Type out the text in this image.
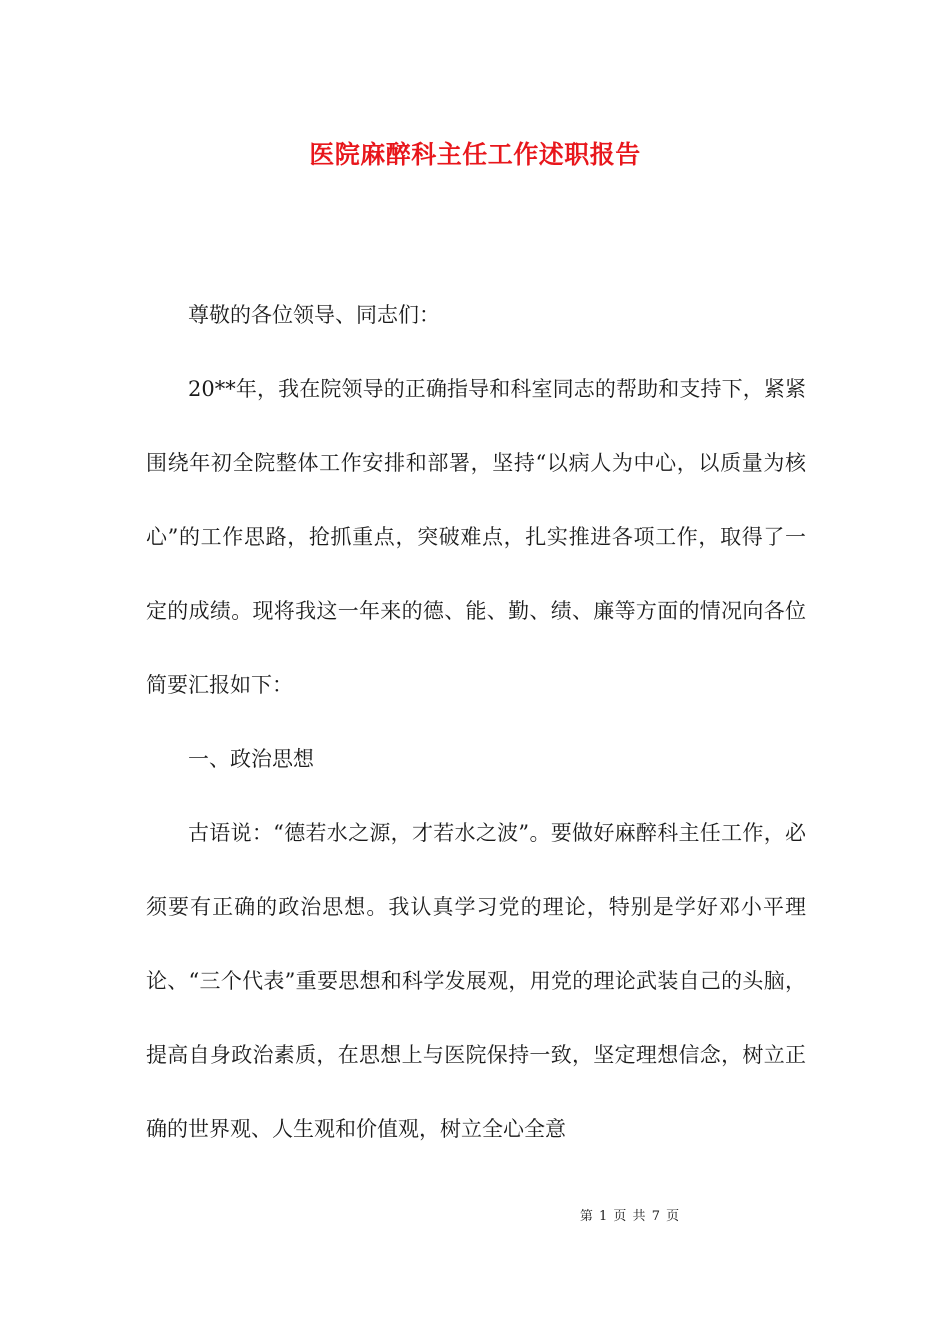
医院麻醉科主任工作述职报告

尊敬的各位领导、同志们：

20**年，我在院领导的正确指导和科室同志的帮助和支持下，紧紧围绕年初全院整体工作安排和部署，坚持“以病人为中心，以质量为核心”的工作思路，抢抓重点，突破难点，扎实推进各项工作，取得了一定的成绩。现将我这一年来的德、能、勤、绩、廉等方面的情况向各位简要汇报如下：

一、政治思想

古语说：“德若水之源，才若水之波”。要做好麻醉科主任工作，必须要有正确的政治思想。我认真学习党的理论，特别是学好邓小平理论、“三个代表”重要思想和科学发展观，用党的理论武装自己的头脑，提高自身政治素质，在思想上与医院保持一致，坚定理想信念，树立正确的世界观、人生观和价值观，树立全心全意

第 1 页 共 7 页
